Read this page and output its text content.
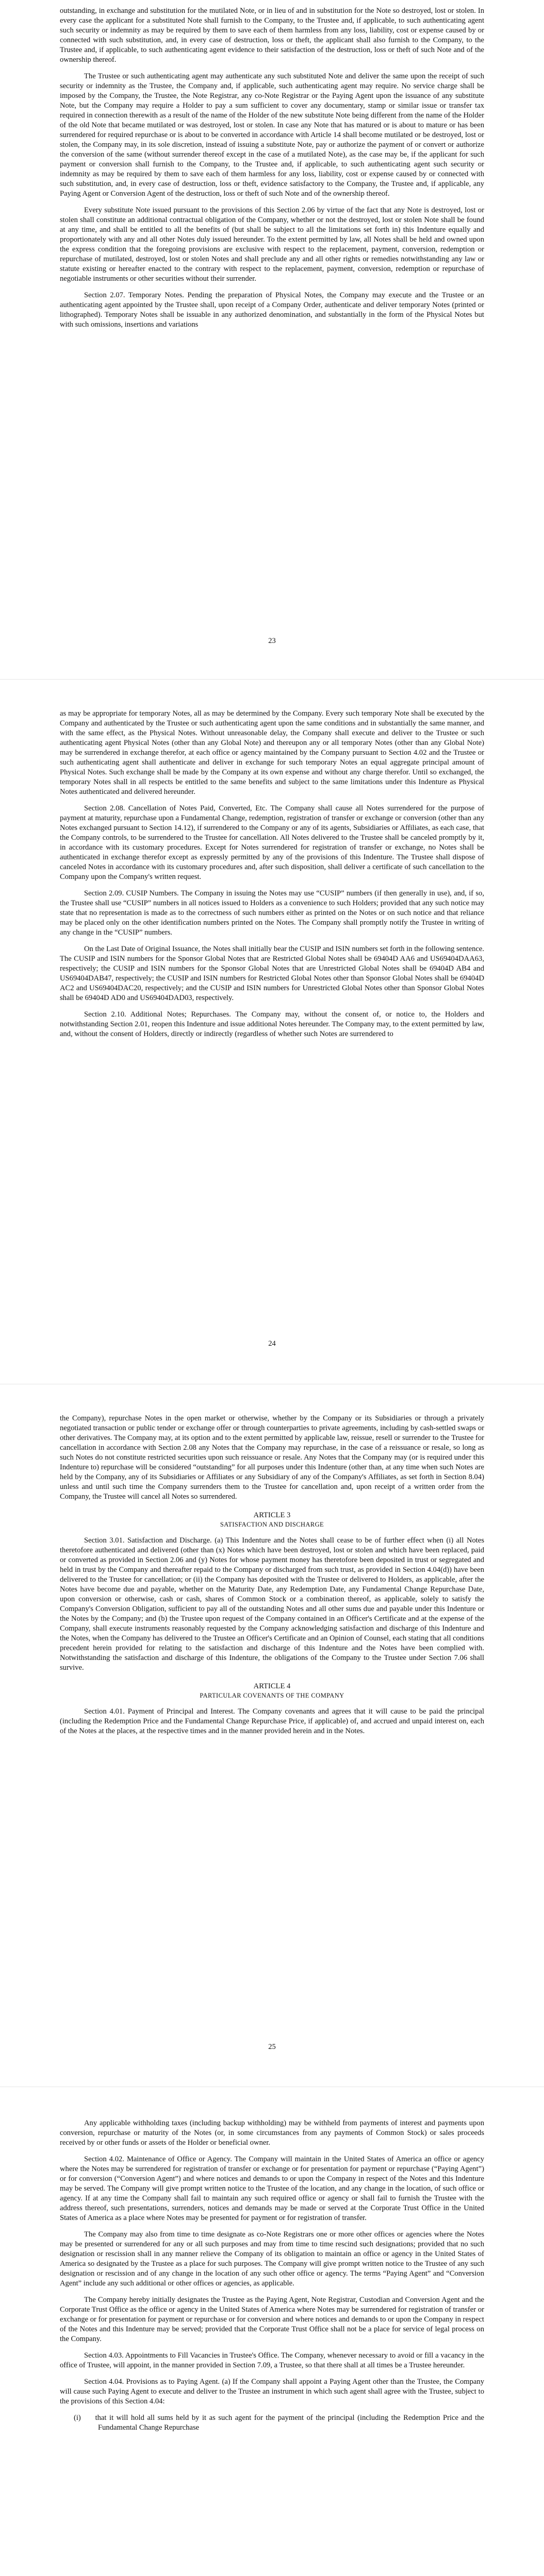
outstanding, in exchange and substitution for the mutilated Note, or in lieu of and in substitution for the Note so destroyed, lost or stolen. In every case the applicant for a substituted Note shall furnish to the Company, to the Trustee and, if applicable, to such authenticating agent such security or indemnity as may be required by them to save each of them harmless from any loss, liability, cost or expense caused by or connected with such substitution, and, in every case of destruction, loss or theft, the applicant shall also furnish to the Company, to the Trustee and, if applicable, to such authenticating agent evidence to their satisfaction of the destruction, loss or theft of such Note and of the ownership thereof.

The Trustee or such authenticating agent may authenticate any such substituted Note and deliver the same upon the receipt of such security or indemnity as the Trustee, the Company and, if applicable, such authenticating agent may require. No service charge shall be imposed by the Company, the Trustee, the Note Registrar, any co-Note Registrar or the Paying Agent upon the issuance of any substitute Note, but the Company may require a Holder to pay a sum sufficient to cover any documentary, stamp or similar issue or transfer tax required in connection therewith as a result of the name of the Holder of the new substitute Note being different from the name of the Holder of the old Note that became mutilated or was destroyed, lost or stolen. In case any Note that has matured or is about to mature or has been surrendered for required repurchase or is about to be converted in accordance with Article 14 shall become mutilated or be destroyed, lost or stolen, the Company may, in its sole discretion, instead of issuing a substitute Note, pay or authorize the payment of or convert or authorize the conversion of the same (without surrender thereof except in the case of a mutilated Note), as the case may be, if the applicant for such payment or conversion shall furnish to the Company, to the Trustee and, if applicable, to such authenticating agent such security or indemnity as may be required by them to save each of them harmless for any loss, liability, cost or expense caused by or connected with such substitution, and, in every case of destruction, loss or theft, evidence satisfactory to the Company, the Trustee and, if applicable, any Paying Agent or Conversion Agent of the destruction, loss or theft of such Note and of the ownership thereof.

Every substitute Note issued pursuant to the provisions of this Section 2.06 by virtue of the fact that any Note is destroyed, lost or stolen shall constitute an additional contractual obligation of the Company, whether or not the destroyed, lost or stolen Note shall be found at any time, and shall be entitled to all the benefits of (but shall be subject to all the limitations set forth in) this Indenture equally and proportionately with any and all other Notes duly issued hereunder. To the extent permitted by law, all Notes shall be held and owned upon the express condition that the foregoing provisions are exclusive with respect to the replacement, payment, conversion, redemption or repurchase of mutilated, destroyed, lost or stolen Notes and shall preclude any and all other rights or remedies notwithstanding any law or statute existing or hereafter enacted to the contrary with respect to the replacement, payment, conversion, redemption or repurchase of negotiable instruments or other securities without their surrender.

Section 2.07. Temporary Notes. Pending the preparation of Physical Notes, the Company may execute and the Trustee or an authenticating agent appointed by the Trustee shall, upon receipt of a Company Order, authenticate and deliver temporary Notes (printed or lithographed). Temporary Notes shall be issuable in any authorized denomination, and substantially in the form of the Physical Notes but with such omissions, insertions and variations

23

as may be appropriate for temporary Notes, all as may be determined by the Company. Every such temporary Note shall be executed by the Company and authenticated by the Trustee or such authenticating agent upon the same conditions and in substantially the same manner, and with the same effect, as the Physical Notes. Without unreasonable delay, the Company shall execute and deliver to the Trustee or such authenticating agent Physical Notes (other than any Global Note) and thereupon any or all temporary Notes (other than any Global Note) may be surrendered in exchange therefor, at each office or agency maintained by the Company pursuant to Section 4.02 and the Trustee or such authenticating agent shall authenticate and deliver in exchange for such temporary Notes an equal aggregate principal amount of Physical Notes. Such exchange shall be made by the Company at its own expense and without any charge therefor. Until so exchanged, the temporary Notes shall in all respects be entitled to the same benefits and subject to the same limitations under this Indenture as Physical Notes authenticated and delivered hereunder.

Section 2.08. Cancellation of Notes Paid, Converted, Etc. The Company shall cause all Notes surrendered for the purpose of payment at maturity, repurchase upon a Fundamental Change, redemption, registration of transfer or exchange or conversion (other than any Notes exchanged pursuant to Section 14.12), if surrendered to the Company or any of its agents, Subsidiaries or Affiliates, as each case, that the Company controls, to be surrendered to the Trustee for cancellation. All Notes delivered to the Trustee shall be canceled promptly by it, in accordance with its customary procedures. Except for Notes surrendered for registration of transfer or exchange, no Notes shall be authenticated in exchange therefor except as expressly permitted by any of the provisions of this Indenture. The Trustee shall dispose of canceled Notes in accordance with its customary procedures and, after such disposition, shall deliver a certificate of such cancellation to the Company upon the Company's written request.

Section 2.09. CUSIP Numbers. The Company in issuing the Notes may use “CUSIP” numbers (if then generally in use), and, if so, the Trustee shall use “CUSIP” numbers in all notices issued to Holders as a convenience to such Holders; provided that any such notice may state that no representation is made as to the correctness of such numbers either as printed on the Notes or on such notice and that reliance may be placed only on the other identification numbers printed on the Notes. The Company shall promptly notify the Trustee in writing of any change in the “CUSIP” numbers.

On the Last Date of Original Issuance, the Notes shall initially bear the CUSIP and ISIN numbers set forth in the following sentence. The CUSIP and ISIN numbers for the Sponsor Global Notes that are Restricted Global Notes shall be 69404D AA6 and US69404DAA63, respectively; the CUSIP and ISIN numbers for the Sponsor Global Notes that are Unrestricted Global Notes shall be 69404D AB4 and US69404DAB47, respectively; the CUSIP and ISIN numbers for Restricted Global Notes other than Sponsor Global Notes shall be 69404D AC2 and US69404DAC20, respectively; and the CUSIP and ISIN numbers for Unrestricted Global Notes other than Sponsor Global Notes shall be 69404D AD0 and US69404DAD03, respectively.

Section 2.10. Additional Notes; Repurchases. The Company may, without the consent of, or notice to, the Holders and notwithstanding Section 2.01, reopen this Indenture and issue additional Notes hereunder. The Company may, to the extent permitted by law, and, without the consent of Holders, directly or indirectly (regardless of whether such Notes are surrendered to

24

the Company), repurchase Notes in the open market or otherwise, whether by the Company or its Subsidiaries or through a privately negotiated transaction or public tender or exchange offer or through counterparties to private agreements, including by cash-settled swaps or other derivatives. The Company may, at its option and to the extent permitted by applicable law, reissue, resell or surrender to the Trustee for cancellation in accordance with Section 2.08 any Notes that the Company may repurchase, in the case of a reissuance or resale, so long as such Notes do not constitute restricted securities upon such reissuance or resale. Any Notes that the Company may (or is required under this Indenture to) repurchase will be considered “outstanding” for all purposes under this Indenture (other than, at any time when such Notes are held by the Company, any of its Subsidiaries or Affiliates or any Subsidiary of any of the Company's Affiliates, as set forth in Section 8.04) unless and until such time the Company surrenders them to the Trustee for cancellation and, upon receipt of a written order from the Company, the Trustee will cancel all Notes so surrendered.

ARTICLE 3
SATISFACTION AND DISCHARGE

Section 3.01. Satisfaction and Discharge. (a) This Indenture and the Notes shall cease to be of further effect when (i) all Notes theretofore authenticated and delivered (other than (x) Notes which have been destroyed, lost or stolen and which have been replaced, paid or converted as provided in Section 2.06 and (y) Notes for whose payment money has theretofore been deposited in trust or segregated and held in trust by the Company and thereafter repaid to the Company or discharged from such trust, as provided in Section 4.04(d)) have been delivered to the Trustee for cancellation; or (ii) the Company has deposited with the Trustee or delivered to Holders, as applicable, after the Notes have become due and payable, whether on the Maturity Date, any Redemption Date, any Fundamental Change Repurchase Date, upon conversion or otherwise, cash or cash, shares of Common Stock or a combination thereof, as applicable, solely to satisfy the Company's Conversion Obligation, sufficient to pay all of the outstanding Notes and all other sums due and payable under this Indenture or the Notes by the Company; and (b) the Trustee upon request of the Company contained in an Officer's Certificate and at the expense of the Company, shall execute instruments reasonably requested by the Company acknowledging satisfaction and discharge of this Indenture and the Notes, when the Company has delivered to the Trustee an Officer's Certificate and an Opinion of Counsel, each stating that all conditions precedent herein provided for relating to the satisfaction and discharge of this Indenture and the Notes have been complied with. Notwithstanding the satisfaction and discharge of this Indenture, the obligations of the Company to the Trustee under Section 7.06 shall survive.

ARTICLE 4
PARTICULAR COVENANTS OF THE COMPANY

Section 4.01. Payment of Principal and Interest. The Company covenants and agrees that it will cause to be paid the principal (including the Redemption Price and the Fundamental Change Repurchase Price, if applicable) of, and accrued and unpaid interest on, each of the Notes at the places, at the respective times and in the manner provided herein and in the Notes.

25

Any applicable withholding taxes (including backup withholding) may be withheld from payments of interest and payments upon conversion, repurchase or maturity of the Notes (or, in some circumstances from any payments of Common Stock) or sales proceeds received by or other funds or assets of the Holder or beneficial owner.

Section 4.02. Maintenance of Office or Agency. The Company will maintain in the United States of America an office or agency where the Notes may be surrendered for registration of transfer or exchange or for presentation for payment or repurchase (“Paying Agent”) or for conversion (“Conversion Agent”) and where notices and demands to or upon the Company in respect of the Notes and this Indenture may be served. The Company will give prompt written notice to the Trustee of the location, and any change in the location, of such office or agency. If at any time the Company shall fail to maintain any such required office or agency or shall fail to furnish the Trustee with the address thereof, such presentations, surrenders, notices and demands may be made or served at the Corporate Trust Office in the United States of America as a place where Notes may be presented for payment or for registration of transfer.

The Company may also from time to time designate as co-Note Registrars one or more other offices or agencies where the Notes may be presented or surrendered for any or all such purposes and may from time to time rescind such designations; provided that no such designation or rescission shall in any manner relieve the Company of its obligation to maintain an office or agency in the United States of America so designated by the Trustee as a place for such purposes. The Company will give prompt written notice to the Trustee of any such designation or rescission and of any change in the location of any such other office or agency. The terms “Paying Agent” and “Conversion Agent” include any such additional or other offices or agencies, as applicable.

The Company hereby initially designates the Trustee as the Paying Agent, Note Registrar, Custodian and Conversion Agent and the Corporate Trust Office as the office or agency in the United States of America where Notes may be surrendered for registration of transfer or exchange or for presentation for payment or repurchase or for conversion and where notices and demands to or upon the Company in respect of the Notes and this Indenture may be served; provided that the Corporate Trust Office shall not be a place for service of legal process on the Company.

Section 4.03. Appointments to Fill Vacancies in Trustee's Office. The Company, whenever necessary to avoid or fill a vacancy in the office of Trustee, will appoint, in the manner provided in Section 7.09, a Trustee, so that there shall at all times be a Trustee hereunder.

Section 4.04. Provisions as to Paying Agent. (a) If the Company shall appoint a Paying Agent other than the Trustee, the Company will cause such Paying Agent to execute and deliver to the Trustee an instrument in which such agent shall agree with the Trustee, subject to the provisions of this Section 4.04:

(i)     that it will hold all sums held by it as such agent for the payment of the principal (including the Redemption Price and the Fundamental Change Repurchase
